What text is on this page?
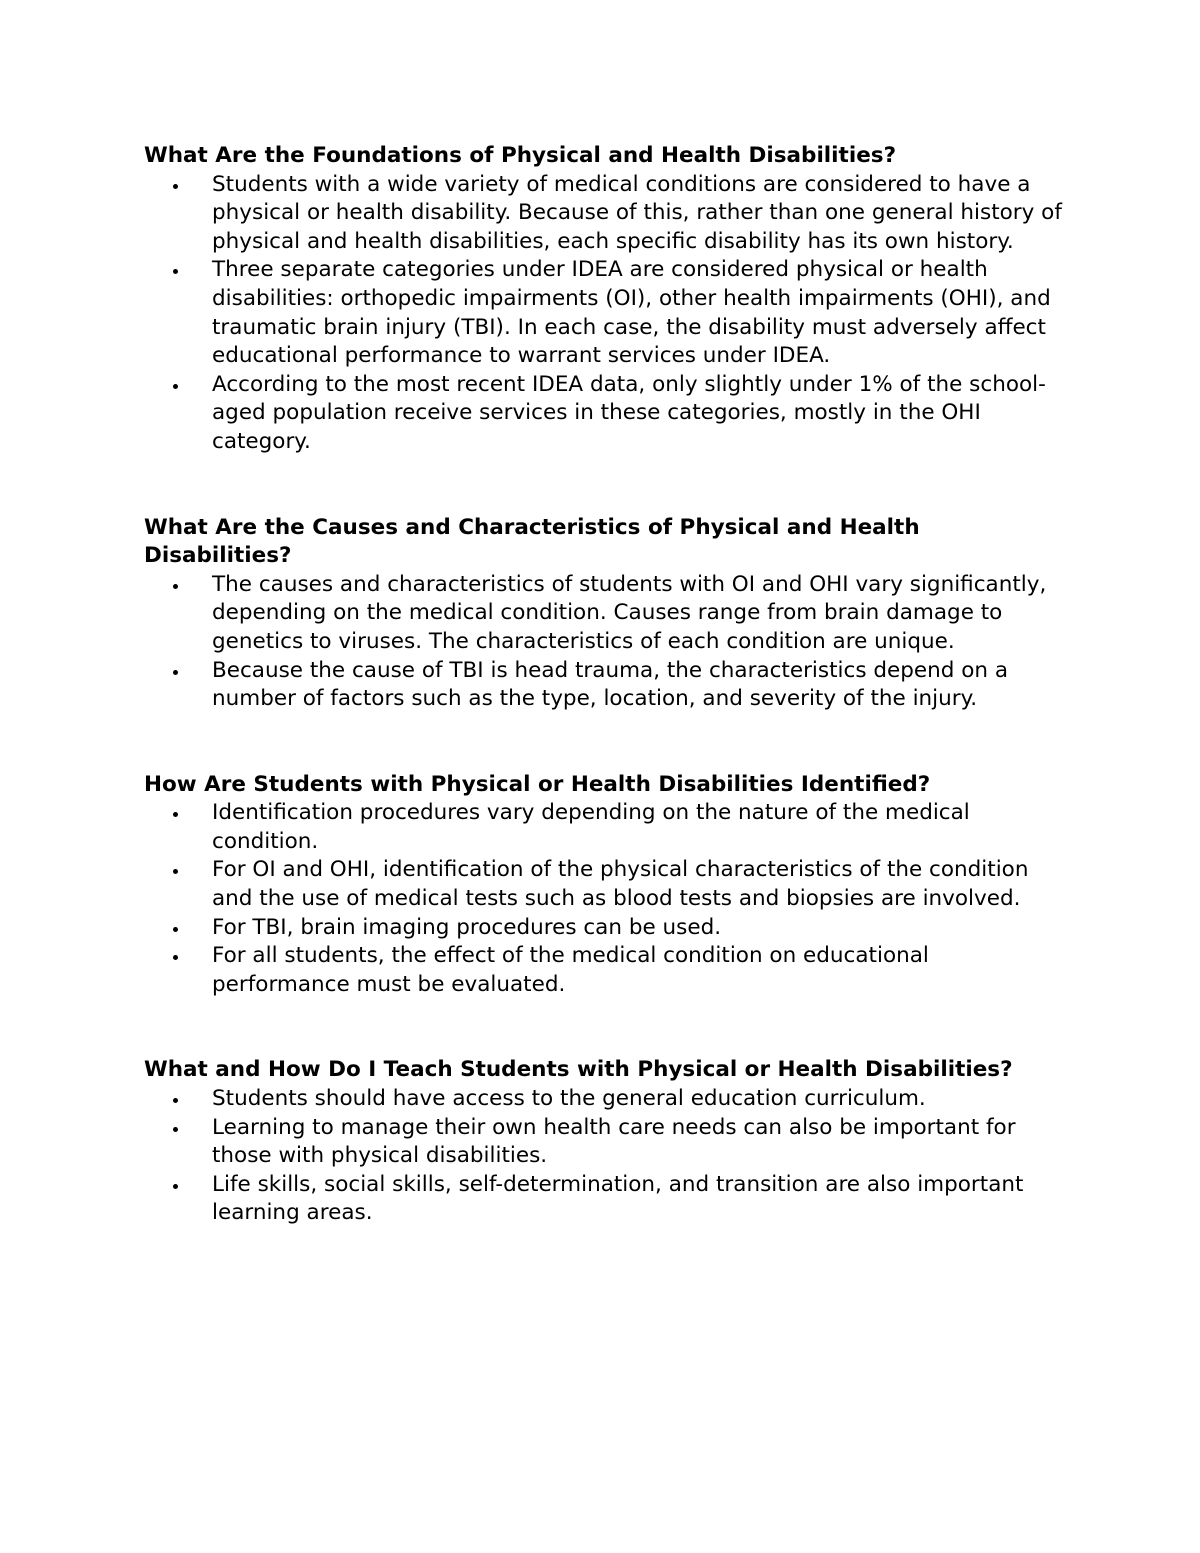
What Are the Foundations of Physical and Health Disabilities?
Students with a wide variety of medical conditions are considered to have a physical or health disability. Because of this, rather than one general history of physical and health disabilities, each specific disability has its own history.
Three separate categories under IDEA are considered physical or health disabilities: orthopedic impairments (OI), other health impairments (OHI), and traumatic brain injury (TBI). In each case, the disability must adversely affect educational performance to warrant services under IDEA.
According to the most recent IDEA data, only slightly under 1% of the school-aged population receive services in these categories, mostly in the OHI category.
What Are the Causes and Characteristics of Physical and Health Disabilities?
The causes and characteristics of students with OI and OHI vary significantly, depending on the medical condition. Causes range from brain damage to genetics to viruses. The characteristics of each condition are unique.
Because the cause of TBI is head trauma, the characteristics depend on a number of factors such as the type, location, and severity of the injury.
How Are Students with Physical or Health Disabilities Identified?
Identification procedures vary depending on the nature of the medical condition.
For OI and OHI, identification of the physical characteristics of the condition and the use of medical tests such as blood tests and biopsies are involved.
For TBI, brain imaging procedures can be used.
For all students, the effect of the medical condition on educational performance must be evaluated.
What and How Do I Teach Students with Physical or Health Disabilities?
Students should have access to the general education curriculum.
Learning to manage their own health care needs can also be important for those with physical disabilities.
Life skills, social skills, self-determination, and transition are also important learning areas.
